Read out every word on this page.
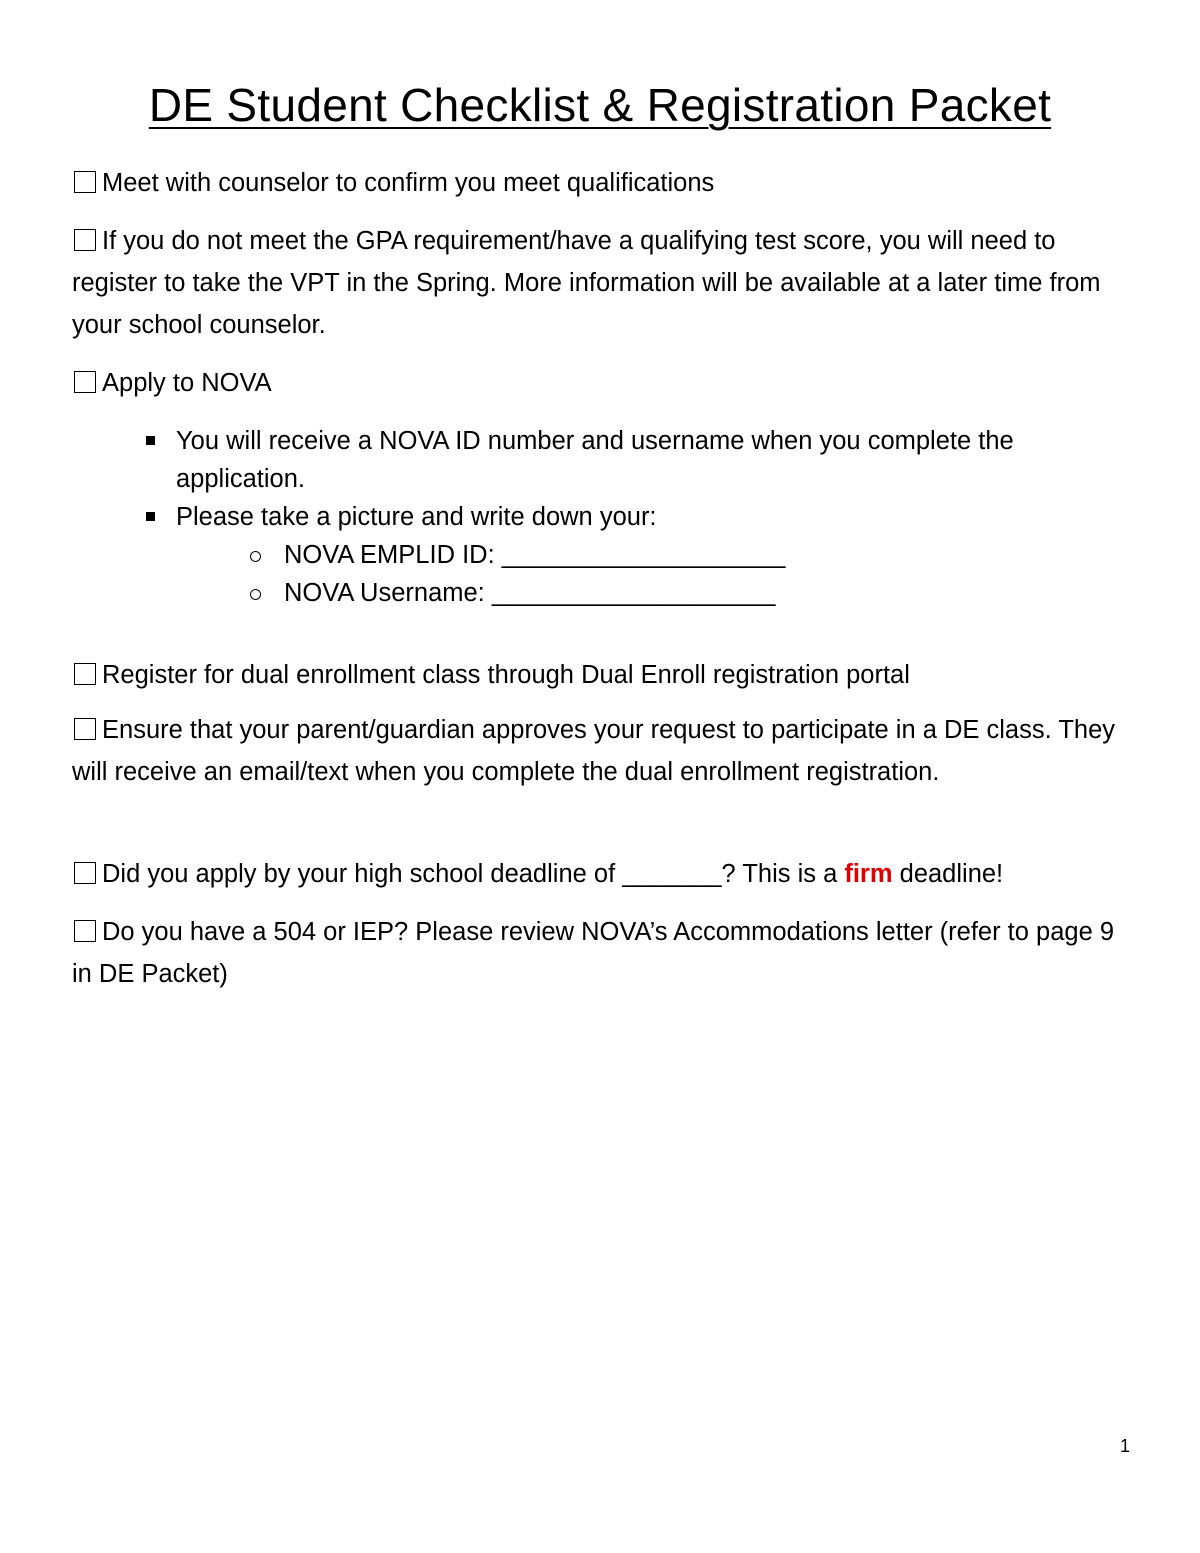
DE Student Checklist & Registration Packet
Meet with counselor to confirm you meet qualifications
If you do not meet the GPA requirement/have a qualifying test score, you will need to register to take the VPT in the Spring. More information will be available at a later time from your school counselor.
Apply to NOVA
You will receive a NOVA ID number and username when you complete the application.
Please take a picture and write down your:
NOVA EMPLID ID: ____________________
NOVA Username: ____________________
Register for dual enrollment class through Dual Enroll registration portal
Ensure that your parent/guardian approves your request to participate in a DE class. They will receive an email/text when you complete the dual enrollment registration.
Did you apply by your high school deadline of _______? This is a firm deadline!
Do you have a 504 or IEP? Please review NOVA’s Accommodations letter (refer to page 9 in DE Packet)
1
